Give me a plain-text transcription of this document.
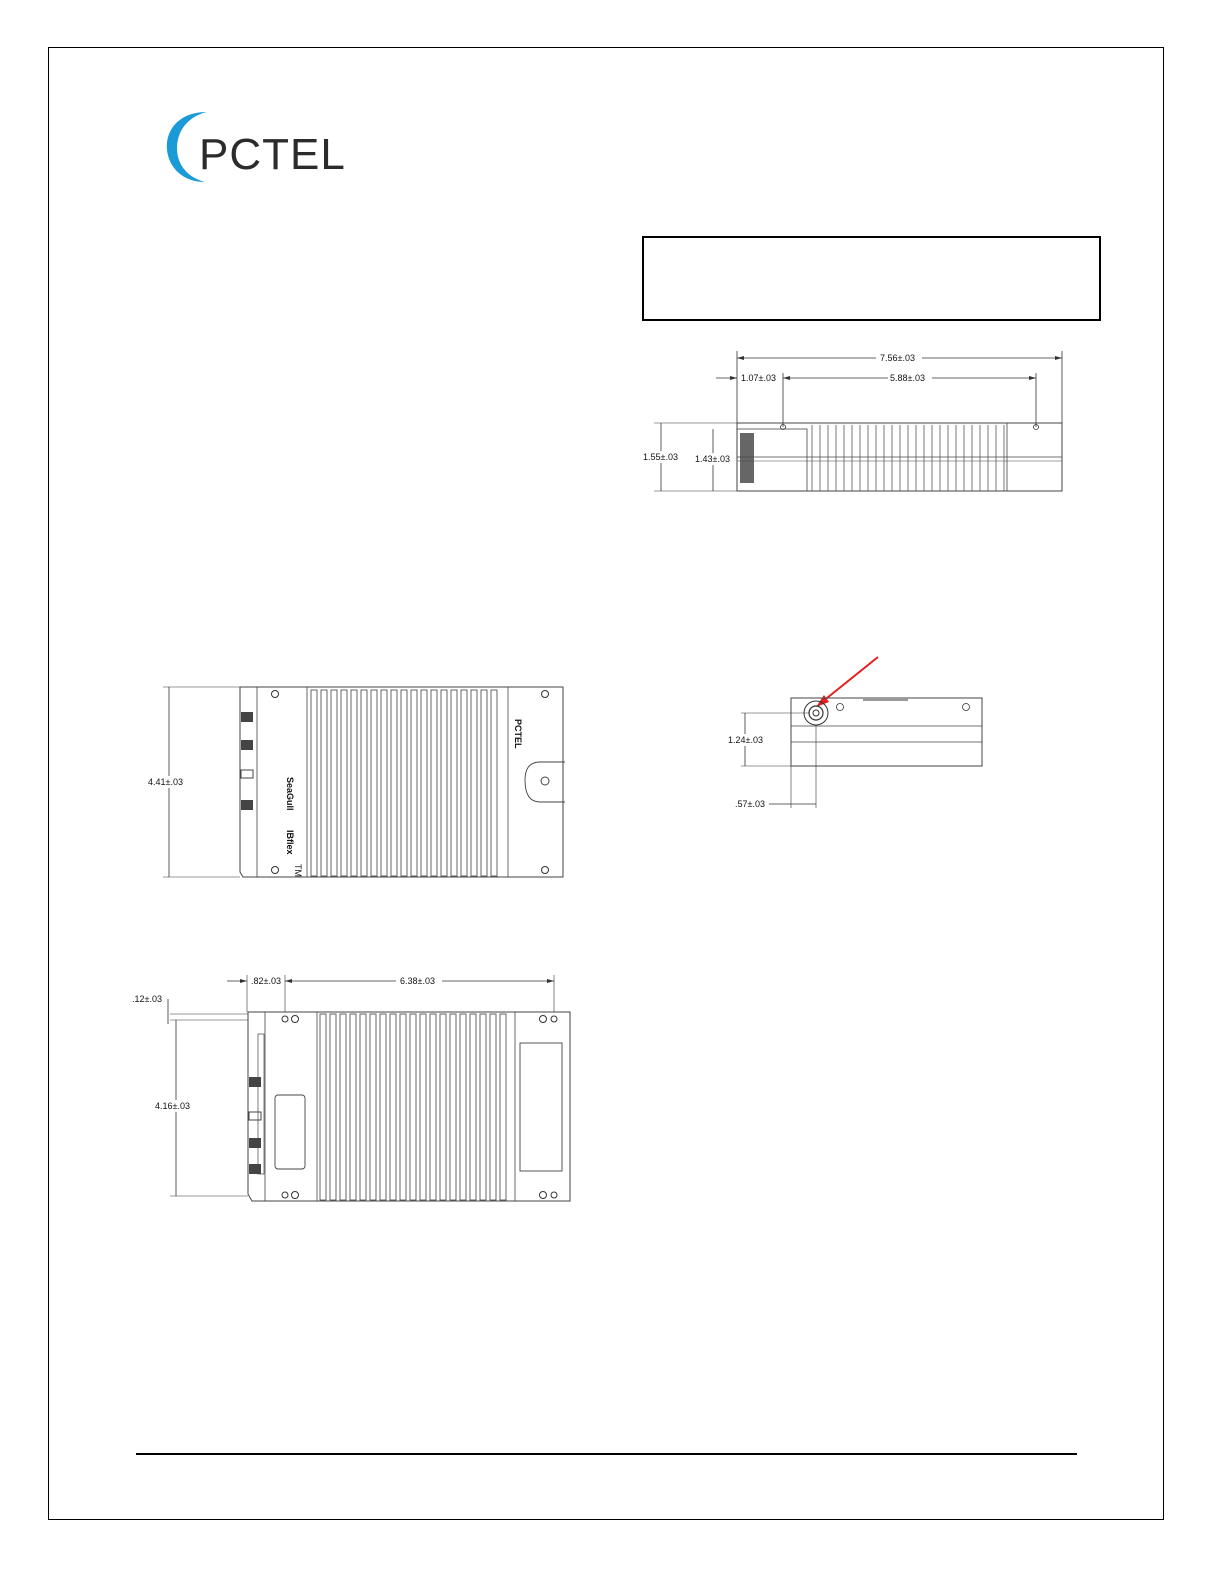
PCTEL
7.56±.03
1.07±.03	5.88±.03
1.55±.03 1.43±.03
1.24±.03
.57±.03
4.41±.03
PCTEL
SeaGull
IBflex
TM
.82±.03	6.38±.03
.12±.03
4.16±.03
